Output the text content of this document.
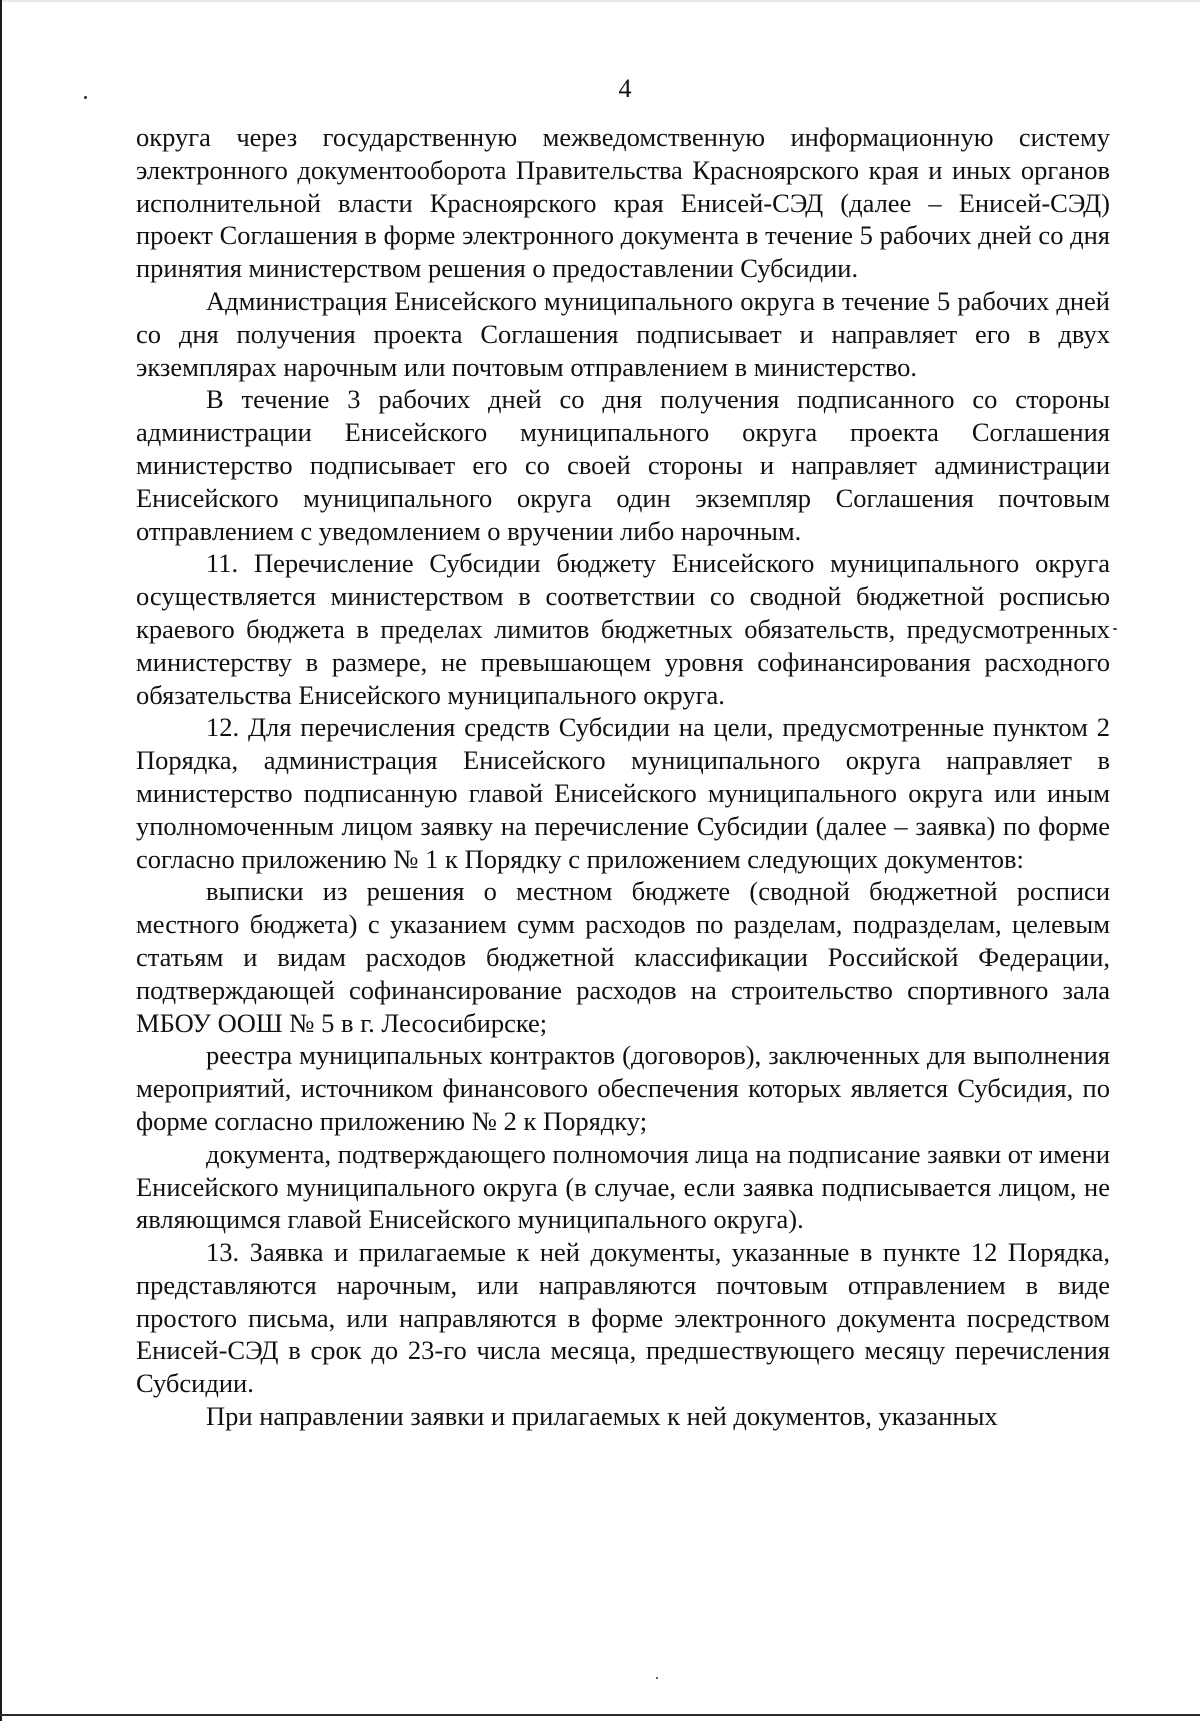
4

округа через государственную межведомственную информационную систему электронного документооборота Правительства Красноярского края и иных органов исполнительной власти Красноярского края Енисей-СЭД (далее – Енисей-СЭД) проект Соглашения в форме электронного документа в течение 5 рабочих дней со дня принятия министерством решения о предоставлении Субсидии.

Администрация Енисейского муниципального округа в течение 5 рабочих дней со дня получения проекта Соглашения подписывает и направляет его в двух экземплярах нарочным или почтовым отправлением в министерство.

В течение 3 рабочих дней со дня получения подписанного со стороны администрации Енисейского муниципального округа проекта Соглашения министерство подписывает его со своей стороны и направляет администрации Енисейского муниципального округа один экземпляр Соглашения почтовым отправлением с уведомлением о вручении либо нарочным.

11. Перечисление Субсидии бюджету Енисейского муниципального округа осуществляется министерством в соответствии со сводной бюджетной росписью краевого бюджета в пределах лимитов бюджетных обязательств, предусмотренных министерству в размере, не превышающем уровня софинансирования расходного обязательства Енисейского муниципального округа.

12. Для перечисления средств Субсидии на цели, предусмотренные пунктом 2 Порядка, администрация Енисейского муниципального округа направляет в министерство подписанную главой Енисейского муниципального округа или иным уполномоченным лицом заявку на перечисление Субсидии (далее – заявка) по форме согласно приложению № 1 к Порядку с приложением следующих документов:

выписки из решения о местном бюджете (сводной бюджетной росписи местного бюджета) с указанием сумм расходов по разделам, подразделам, целевым статьям и видам расходов бюджетной классификации Российской Федерации, подтверждающей софинансирование расходов на строительство спортивного зала МБОУ ООШ № 5 в г. Лесосибирске;

реестра муниципальных контрактов (договоров), заключенных для выполнения мероприятий, источником финансового обеспечения которых является Субсидия, по форме согласно приложению № 2 к Порядку;

документа, подтверждающего полномочия лица на подписание заявки от имени Енисейского муниципального округа (в случае, если заявка подписывается лицом, не являющимся главой Енисейского муниципального округа).

13. Заявка и прилагаемые к ней документы, указанные в пункте 12 Порядка, представляются нарочным, или направляются почтовым отправлением в виде простого письма, или направляются в форме электронного документа посредством Енисей-СЭД в срок до 23-го числа месяца, предшествующего месяцу перечисления Субсидии.

При направлении заявки и прилагаемых к ней документов, указанных
